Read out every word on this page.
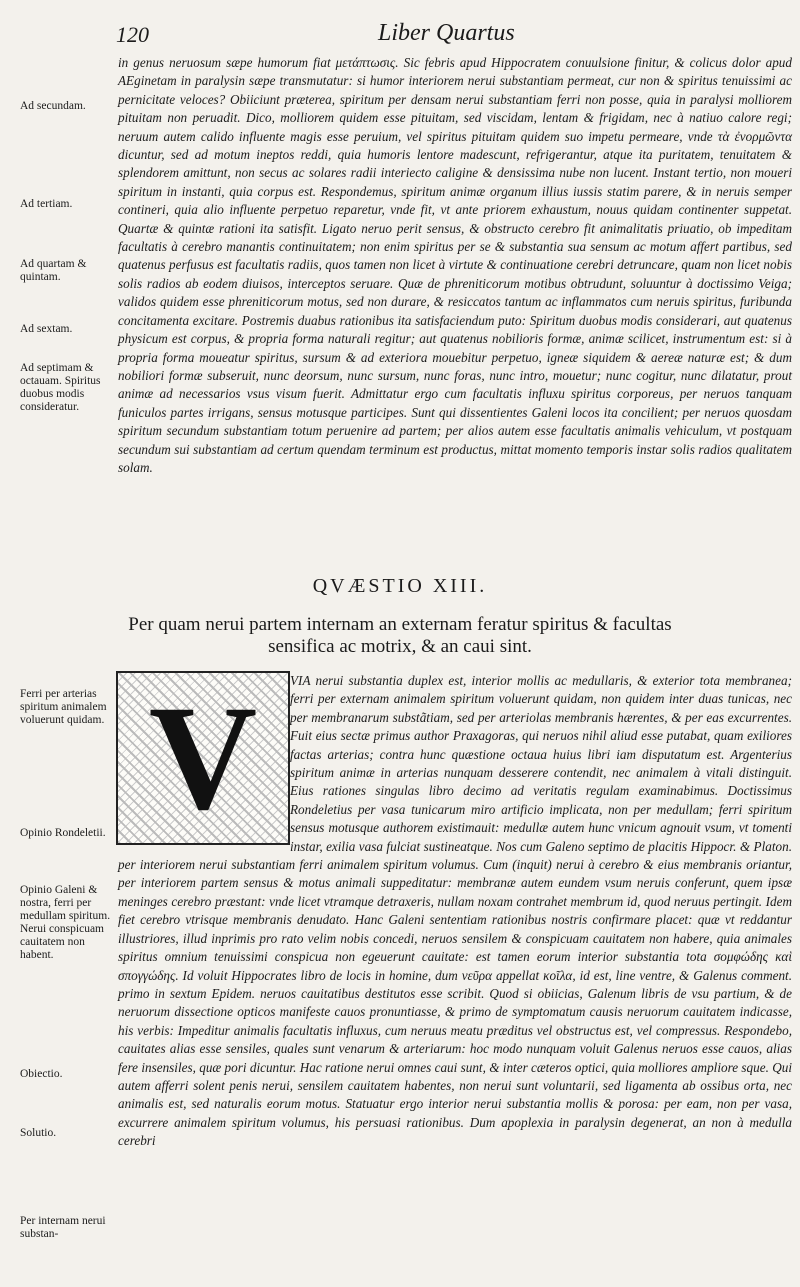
120	Liber Quartus
Ad secundam.
Ad tertiam.
Ad quartam & quintam.
Ad sextam.
Ad septimam & octauam. Spiritus duobus modis consideratur.

in genus neruosum sæpe humorum fiat μετάπτωσις. Sic febris apud Hippocratem conuulsione finitur, & colicus dolor apud AEginetam in paralysin sæpe transmutatur: si humor interiorem nerui substantiam permeat, cur non & spiritus tenuissimi ac pernicitate veloces? Obiiciunt præterea, spiritum per densam nerui substantiam ferri non posse, quia in paralysi molliorem pituitam non peruadit. Dico, molliorem quidem esse pituitam, sed viscidam, lentam & frigidam, nec à natiuo calore regi; neruum autem calido influente magis esse peruium, vel spiritus pituitam quidem suo impetu permeare, vnde τὰ ἐνορμῶντα dicuntur, sed ad motum ineptos reddi, quia humoris lentore madescunt, refrigerantur, atque ita puritatem, tenuitatem & splendorem amittunt, non secus ac solares radii interiecto caligine & densissima nube non lucent. Instant tertio, non moueri spiritum in instanti, quia corpus est. Respondemus, spiritum animæ organum illius iussis statim parere, & in neruis semper contineri, quia alio influente perpetuo reparetur, vnde fit, vt ante priorem exhaustum, nouus quidam continenter suppetat. Quartæ & quintæ rationi ita satisfit. Ligato neruo perit sensus, & obstructo cerebro fit animalitatis priuatio, ob impeditam facultatis à cerebro manantis continuitatem; non enim spiritus per se & substantia sua sensum ac motum affert partibus, sed quatenus perfusus est facultatis radiis, quos tamen non licet à virtute & continuatione cerebri detruncare, quam non licet nobis solis radios ab eodem diuisos, interceptos seruare. Quæ de phreniticorum motibus obtrudunt, soluuntur à doctissimo Veiga; validos quidem esse phreniticorum motus, sed non durare, & resiccatos tantum ac inflammatos cum neruis spiritus, furibunda concitamenta excitare. Postremis duabus rationibus ita satisfaciendum puto: Spiritum duobus modis considerari, aut quatenus physicum est corpus, & propria forma naturali regitur; aut quatenus nobilioris formæ, animæ scilicet, instrumentum est: si à propria forma moueatur spiritus, sursum & ad exteriora mouebitur perpetuo, igneæ siquidem & aereæ naturæ est; & dum nobiliori formæ subseruit, nunc deorsum, nunc sursum, nunc foras, nunc intro, mouetur; nunc cogitur, nunc dilatatur, prout animæ ad necessarios vsus visum fuerit. Admittatur ergo cum facultatis influxu spiritus corporeus, per neruos tanquam funiculos partes irrigans, sensus motusque participes. Sunt qui dissentientes Galeni locos ita concilient; per neruos quosdam spiritum secundum substantiam totum peruenire ad partem; per alios autem esse facultatis animalis vehiculum, vt postquam secundum sui substantiam ad certum quendam terminum est productus, mittat momento temporis instar solis radios qualitatem solam.

QVÆSTIO XIII.
Per quam nerui partem internam an externam feratur spiritus & facultas
sensifica ac motrix, & an caui sint.
V
Ferri per arterias spiritum animalem voluerunt quidam.
Opinio Rondeletii.
Opinio Galeni & nostra, ferri per medullam spiritum. Nerui conspicuam cauitatem non habent.
Obiectio.
Solutio.
Per internam nerui substan-

VIA nerui substantia duplex est, interior mollis ac medullaris, & exterior tota membranea; ferri per externam animalem spiritum voluerunt quidam, non quidem inter duas tunicas, nec per membranarum substãtiam, sed per arteriolas membranis hærentes, & per eas excurrentes. Fuit eius sectæ primus author Praxagoras, qui neruos nihil aliud esse putabat, quam exiliores factas arterias; contra hunc quæstione octaua huius libri iam disputatum est. Argenterius spiritum animæ in arterias nunquam desserere contendit, nec animalem à vitali distinguit. Eius rationes singulas libro decimo ad veritatis regulam examinabimus. Doctissimus Rondeletius per vasa tunicarum miro artificio implicata, non per medullam; ferri spiritum sensus motusque authorem existimauit: medullæ autem hunc vnicum agnouit vsum, vt tomenti instar, exilia vasa fulciat sustineatque. Nos cum Galeno septimo de placitis Hippocr. & Platon. per interiorem nerui substantiam ferri animalem spiritum volumus. Cum (inquit) nerui à cerebro & eius membranis oriantur, per interiorem partem sensus & motus animali suppeditatur: membranæ autem eundem vsum neruis conferunt, quem ipsæ meninges cerebro præstant: vnde licet vtramque detraxeris, nullam noxam contrahet membrum id, quod neruus pertingit. Idem fiet cerebro vtrisque membranis denudato. Hanc Galeni sententiam rationibus nostris confirmare placet: quæ vt reddantur illustriores, illud inprimis pro rato velim nobis concedi, neruos sensilem & conspicuam cauitatem non habere, quia animales spiritus omnium tenuissimi conspicua non egeuerunt cauitate: est tamen eorum interior substantia tota σομφώδης καὶ σπογγώδης. Id voluit Hippocrates libro de locis in homine, dum νεῦρα appellat κοῖλα, id est, line ventre, & Galenus comment. primo in sextum Epidem. neruos cauitatibus destitutos esse scribit. Quod si obiicias, Galenum libris de vsu partium, & de neruorum dissectione opticos manifeste cauos pronuntiasse, & primo de symptomatum causis neruorum cauitatem indicasse, his verbis: Impeditur animalis facultatis influxus, cum neruus meatu præditus vel obstructus est, vel compressus. Respondebo, cauitates alias esse sensiles, quales sunt venarum & arteriarum: hoc modo nunquam voluit Galenus neruos esse cauos, alias fere insensiles, quæ pori dicuntur. Hac ratione nerui omnes caui sunt, & inter cæteros optici, quia molliores ampliore sque. Qui autem afferri solent penis nerui, sensilem cauitatem habentes, non nerui sunt voluntarii, sed ligamenta ab ossibus orta, nec animalis est, sed naturalis eorum motus. Statuatur ergo interior nerui substantia mollis & porosa: per eam, non per vasa, excurrere animalem spiritum volumus, his persuasi rationibus. Dum apoplexia in paralysin degenerat, an non à medulla cerebri
